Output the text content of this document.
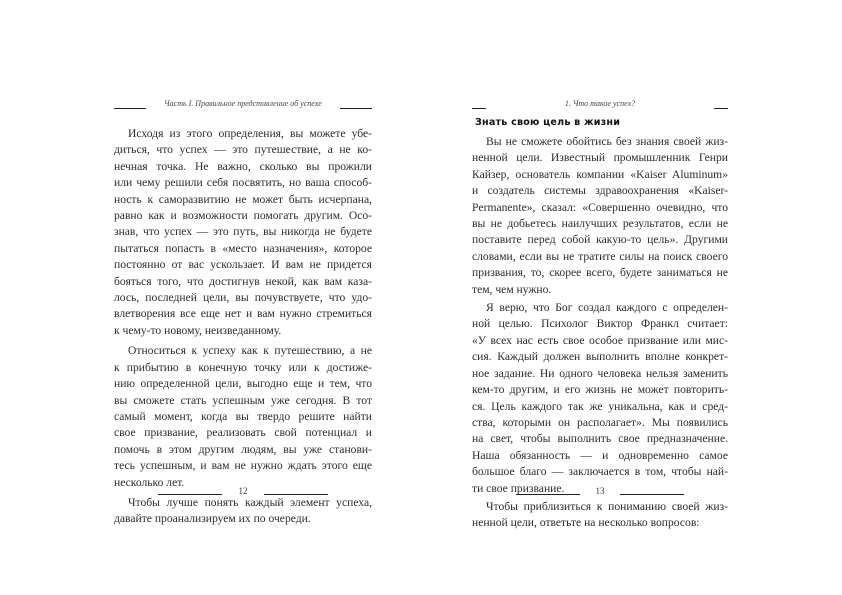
Часть I. Правильное представление об успехе
Исходя из этого определения, вы можете убе-
диться, что успех — это путешествие, а не ко-
нечная точка. Не важно, сколько вы прожили
или чему решили себя посвятить, но ваша способ-
ность к саморазвитию не может быть исчерпана,
равно как и возможности помогать другим. Осо-
знав, что успех — это путь, вы никогда не будете
пытаться попасть в «место назначения», которое
постоянно от вас ускользает. И вам не придется
бояться того, что достигнув некой, как вам каза-
лось, последней цели, вы почувствуете, что удо-
влетворения все еще нет и вам нужно стремиться
к чему-то новому, неизведанному.
Относиться к успеху как к путешествию, а не
к прибытию в конечную точку или к достиже-
нию определенной цели, выгодно еще и тем, что
вы сможете стать успешным уже сегодня. В тот
самый момент, когда вы твердо решите найти
свое призвание, реализовать свой потенциал и
помочь в этом другим людям, вы уже станови-
тесь успешным, и вам не нужно ждать этого еще
несколько лет.
Чтобы лучше понять каждый элемент успеха,
давайте проанализируем их по очереди.
12
1. Что такое успех?
Знать свою цель в жизни
Вы не сможете обойтись без знания своей жиз-
ненной цели. Известный промышленник Генри
Кайзер, основатель компании «Kaiser Aluminum»
и создатель системы здравоохранения «Kaiser-
Permanente», сказал: «Совершенно очевидно, что
вы не добьетесь наилучших результатов, если не
поставите перед собой какую-то цель». Другими
словами, если вы не тратите силы на поиск своего
призвания, то, скорее всего, будете заниматься не
тем, чем нужно.
Я верю, что Бог создал каждого с определен-
ной целью. Психолог Виктор Франкл считает:
«У всех нас есть свое особое призвание или мис-
сия. Каждый должен выполнить вполне конкрет-
ное задание. Ни одного человека нельзя заменить
кем-то другим, и его жизнь не может повторить-
ся. Цель каждого так же уникальна, как и сред-
ства, которыми он располагает». Мы появились
на свет, чтобы выполнить свое предназначение.
Наша обязанность — и одновременно самое
большое благо — заключается в том, чтобы най-
ти свое призвание.
Чтобы приблизиться к пониманию своей жиз-
ненной цели, ответьте на несколько вопросов:
13
